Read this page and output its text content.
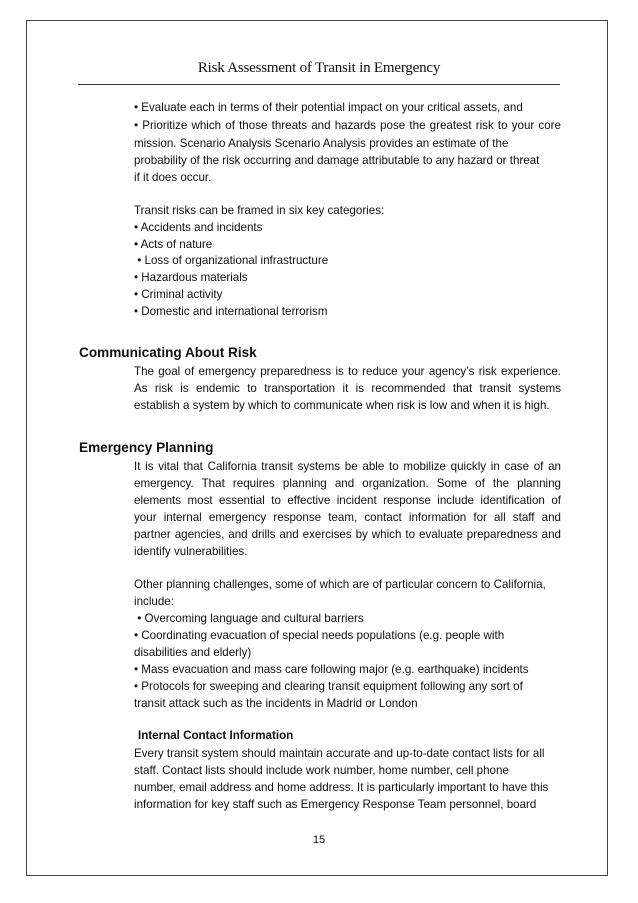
Risk Assessment of Transit in Emergency
• Evaluate each in terms of their potential impact on your critical assets, and
• Prioritize which of those threats and hazards pose the greatest risk to your core
mission. Scenario Analysis Scenario Analysis provides an estimate of the
probability of the risk occurring and damage attributable to any hazard or threat
if it does occur.
Transit risks can be framed in six key categories:
• Accidents and incidents
• Acts of nature
• Loss of organizational infrastructure
• Hazardous materials
• Criminal activity
• Domestic and international terrorism
Communicating About Risk
The goal of emergency preparedness is to reduce your agency’s risk experience.
As risk is endemic to transportation it is recommended that transit systems
establish a system by which to communicate when risk is low and when it is high.
Emergency Planning
It is vital that California transit systems be able to mobilize quickly in case of an
emergency. That requires planning and organization. Some of the planning
elements most essential to effective incident response include identification of
your internal emergency response team, contact information for all staff and
partner agencies, and drills and exercises by which to evaluate preparedness and
identify vulnerabilities.
Other planning challenges, some of which are of particular concern to California,
include:
• Overcoming language and cultural barriers
• Coordinating evacuation of special needs populations (e.g. people with
disabilities and elderly)
• Mass evacuation and mass care following major (e.g. earthquake) incidents
• Protocols for sweeping and clearing transit equipment following any sort of
transit attack such as the incidents in Madrid or London
Internal Contact Information
Every transit system should maintain accurate and up-to-date contact lists for all
staff. Contact lists should include work number, home number, cell phone
number, email address and home address. It is particularly important to have this
information for key staff such as Emergency Response Team personnel, board
15
